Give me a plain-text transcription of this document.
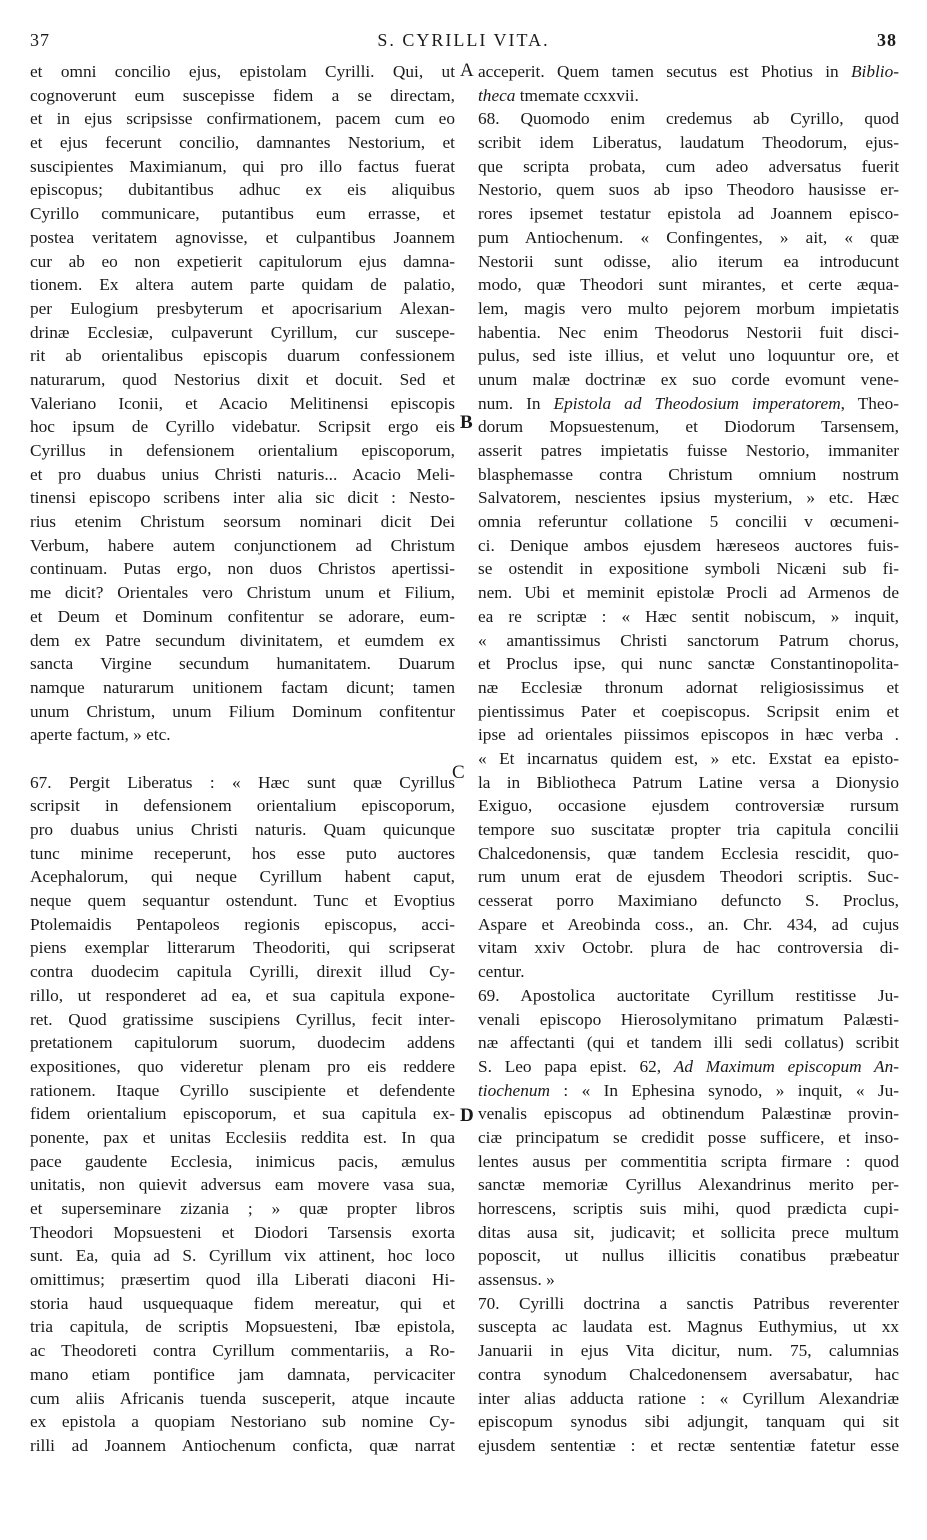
37	S. CYRILLI VITA.	38
A
B
C
D
et omni concilio ejus, epistolam Cyrilli. Qui, ut
cognoverunt eum suscepisse fidem a se directam,
et in ejus scripsisse confirmationem, pacem cum eo
et ejus fecerunt concilio, damnantes Nestorium, et
suscipientes Maximianum, qui pro illo factus fuerat
episcopus; dubitantibus adhuc ex eis aliquibus
Cyrillo communicare, putantibus eum errasse, et
postea veritatem agnovisse, et culpantibus Joannem
cur ab eo non expetierit capitulorum ejus damna-
tionem. Ex altera autem parte quidam de palatio,
per Eulogium presbyterum et apocrisarium Alexan-
drinæ Ecclesiæ, culpaverunt Cyrillum, cur suscepe-
rit ab orientalibus episcopis duarum confessionem
naturarum, quod Nestorius dixit et docuit. Sed et
Valeriano Iconii, et Acacio Melitinensi episcopis
hoc ipsum de Cyrillo videbatur. Scripsit ergo eis
Cyrillus in defensionem orientalium episcoporum,
et pro duabus unius Christi naturis... Acacio Meli-
tinensi episcopo scribens inter alia sic dicit : Nesto-
rius etenim Christum seorsum nominari dicit Dei
Verbum, habere autem conjunctionem ad Christum
continuam. Putas ergo, non duos Christos apertissi-
me dicit? Orientales vero Christum unum et Filium,
et Deum et Dominum confitentur se adorare, eum-
dem ex Patre secundum divinitatem, et eumdem ex
sancta Virgine secundum humanitatem. Duarum
namque naturarum unitionem factam dicunt; tamen
unum Christum, unum Filium Dominum confitentur
aperte factum, » etc.
67. Pergit Liberatus : « Hæc sunt quæ Cyrillus
scripsit in defensionem orientalium episcoporum,
pro duabus unius Christi naturis. Quam quicunque
tunc minime receperunt, hos esse puto auctores
Acephalorum, qui neque Cyrillum habent caput,
neque quem sequantur ostendunt. Tunc et Evoptius
Ptolemaidis Pentapoleos regionis episcopus, acci-
piens exemplar litterarum Theodoriti, qui scripserat
contra duodecim capitula Cyrilli, direxit illud Cy-
rillo, ut responderet ad ea, et sua capitula expone-
ret. Quod gratissime suscipiens Cyrillus, fecit inter-
pretationem capitulorum suorum, duodecim addens
expositiones, quo videretur plenam pro eis reddere
rationem. Itaque Cyrillo suscipiente et defendente
fidem orientalium episcoporum, et sua capitula ex-
ponente, pax et unitas Ecclesiis reddita est. In qua
pace gaudente Ecclesia, inimicus pacis, æmulus
unitatis, non quievit adversus eam movere vasa sua,
et superseminare zizania ; » quæ propter libros
Theodori Mopsuesteni et Diodori Tarsensis exorta
sunt. Ea, quia ad S. Cyrillum vix attinent, hoc loco
omittimus; præsertim quod illa Liberati diaconi Hi-
storia haud usquequaque fidem mereatur, qui et
tria capitula, de scriptis Mopsuesteni, Ibæ epistola,
ac Theodoreti contra Cyrillum commentariis, a Ro-
mano etiam pontifice jam damnata, pervicaciter
cum aliis Africanis tuenda susceperit, atque incaute
ex epistola a quopiam Nestoriano sub nomine Cy-
rilli ad Joannem Antiochenum conficta, quæ narrat
acceperit. Quem tamen secutus est Photius in Biblio-
theca tmemate ccxxvii.
68. Quomodo enim credemus ab Cyrillo, quod
scribit idem Liberatus, laudatum Theodorum, ejus-
que scripta probata, cum adeo adversatus fuerit
Nestorio, quem suos ab ipso Theodoro hausisse er-
rores ipsemet testatur epistola ad Joannem episco-
pum Antiochenum. « Confingentes, » ait, « quæ
Nestorii sunt odisse, alio iterum ea introducunt
modo, quæ Theodori sunt mirantes, et certe æqua-
lem, magis vero multo pejorem morbum impietatis
habentia. Nec enim Theodorus Nestorii fuit disci-
pulus, sed iste illius, et velut uno loquuntur ore, et
unum malæ doctrinæ ex suo corde evomunt vene-
num. In Epistola ad Theodosium imperatorem, Theo-
dorum Mopsuestenum, et Diodorum Tarsensem,
asserit patres impietatis fuisse Nestorio, immaniter
blasphemasse contra Christum omnium nostrum
Salvatorem, nescientes ipsius mysterium, » etc. Hæc
omnia referuntur collatione 5 concilii v œcumeni-
ci. Denique ambos ejusdem hæreseos auctores fuis-
se ostendit in expositione symboli Nicæni sub fi-
nem. Ubi et meminit epistolæ Procli ad Armenos de
ea re scriptæ : « Hæc sentit nobiscum, » inquit,
« amantissimus Christi sanctorum Patrum chorus,
et Proclus ipse, qui nunc sanctæ Constantinopolita-
næ Ecclesiæ thronum adornat religiosissimus et
pientissimus Pater et coepiscopus. Scripsit enim et
ipse ad orientales piissimos episcopos in hæc verba .
« Et incarnatus quidem est, » etc. Exstat ea episto-
la in Bibliotheca Patrum Latine versa a Dionysio
Exiguo, occasione ejusdem controversiæ rursum
tempore suo suscitatæ propter tria capitula concilii
Chalcedonensis, quæ tandem Ecclesia rescidit, quo-
rum unum erat de ejusdem Theodori scriptis. Suc-
cesserat porro Maximiano defuncto S. Proclus,
Aspare et Areobinda coss., an. Chr. 434, ad cujus
vitam xxiv Octobr. plura de hac controversia di-
centur.
69. Apostolica auctoritate Cyrillum restitisse Ju-
venali episcopo Hierosolymitano primatum Palæsti-
næ affectanti (qui et tandem illi sedi collatus) scribit
S. Leo papa epist. 62, Ad Maximum episcopum An-
tiochenum : « In Ephesina synodo, » inquit, « Ju-
venalis episcopus ad obtinendum Palæstinæ provin-
ciæ principatum se credidit posse sufficere, et inso-
lentes ausus per commentitia scripta firmare : quod
sanctæ memoriæ Cyrillus Alexandrinus merito per-
horrescens, scriptis suis mihi, quod prædicta cupi-
ditas ausa sit, judicavit; et sollicita prece multum
poposcit, ut nullus illicitis conatibus præbeatur
assensus. »
70. Cyrilli doctrina a sanctis Patribus reverenter
suscepta ac laudata est. Magnus Euthymius, ut xx
Januarii in ejus Vita dicitur, num. 75, calumnias
contra synodum Chalcedonensem aversabatur, hac
inter alias adducta ratione : « Cyrillum Alexandriæ
episcopum synodus sibi adjungit, tanquam qui sit
ejusdem sententiæ : et rectæ sententiæ fatetur esse
